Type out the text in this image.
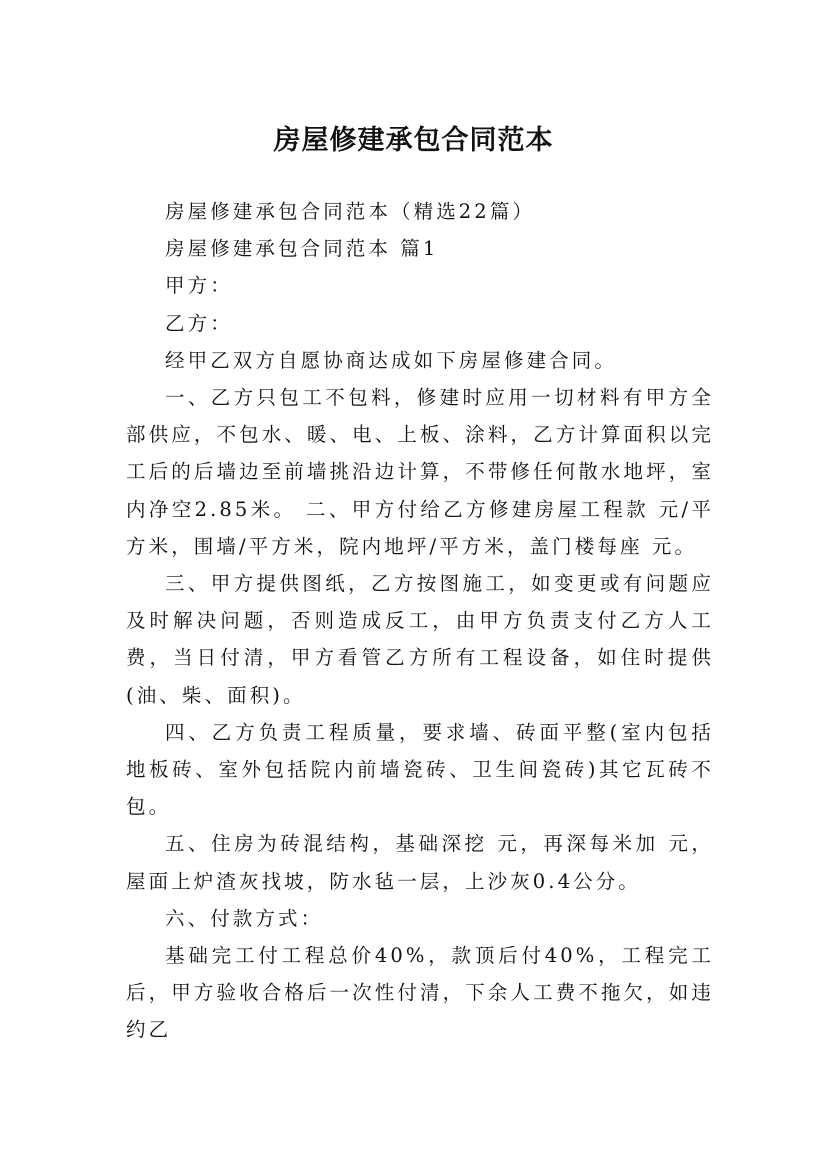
房屋修建承包合同范本

房屋修建承包合同范本（精选22篇）

房屋修建承包合同范本 篇1

甲方：

乙方：

经甲乙双方自愿协商达成如下房屋修建合同。

一、乙方只包工不包料，修建时应用一切材料有甲方全部供应，不包水、暖、电、上板、涂料，乙方计算面积以完工后的后墙边至前墙挑沿边计算，不带修任何散水地坪，室内净空2.85米。 二、甲方付给乙方修建房屋工程款 元/平方米，围墙/平方米，院内地坪/平方米，盖门楼每座 元。

三、甲方提供图纸，乙方按图施工，如变更或有问题应及时解决问题，否则造成反工，由甲方负责支付乙方人工费，当日付清，甲方看管乙方所有工程设备，如住时提供(油、柴、面积)。

四、乙方负责工程质量，要求墙、砖面平整(室内包括地板砖、室外包括院内前墙瓷砖、卫生间瓷砖)其它瓦砖不包。

五、住房为砖混结构，基础深挖 元，再深每米加 元，屋面上炉渣灰找坡，防水毡一层，上沙灰0.4公分。

六、付款方式：

基础完工付工程总价40%，款顶后付40%，工程完工后，甲方验收合格后一次性付清，下余人工费不拖欠，如违约乙
